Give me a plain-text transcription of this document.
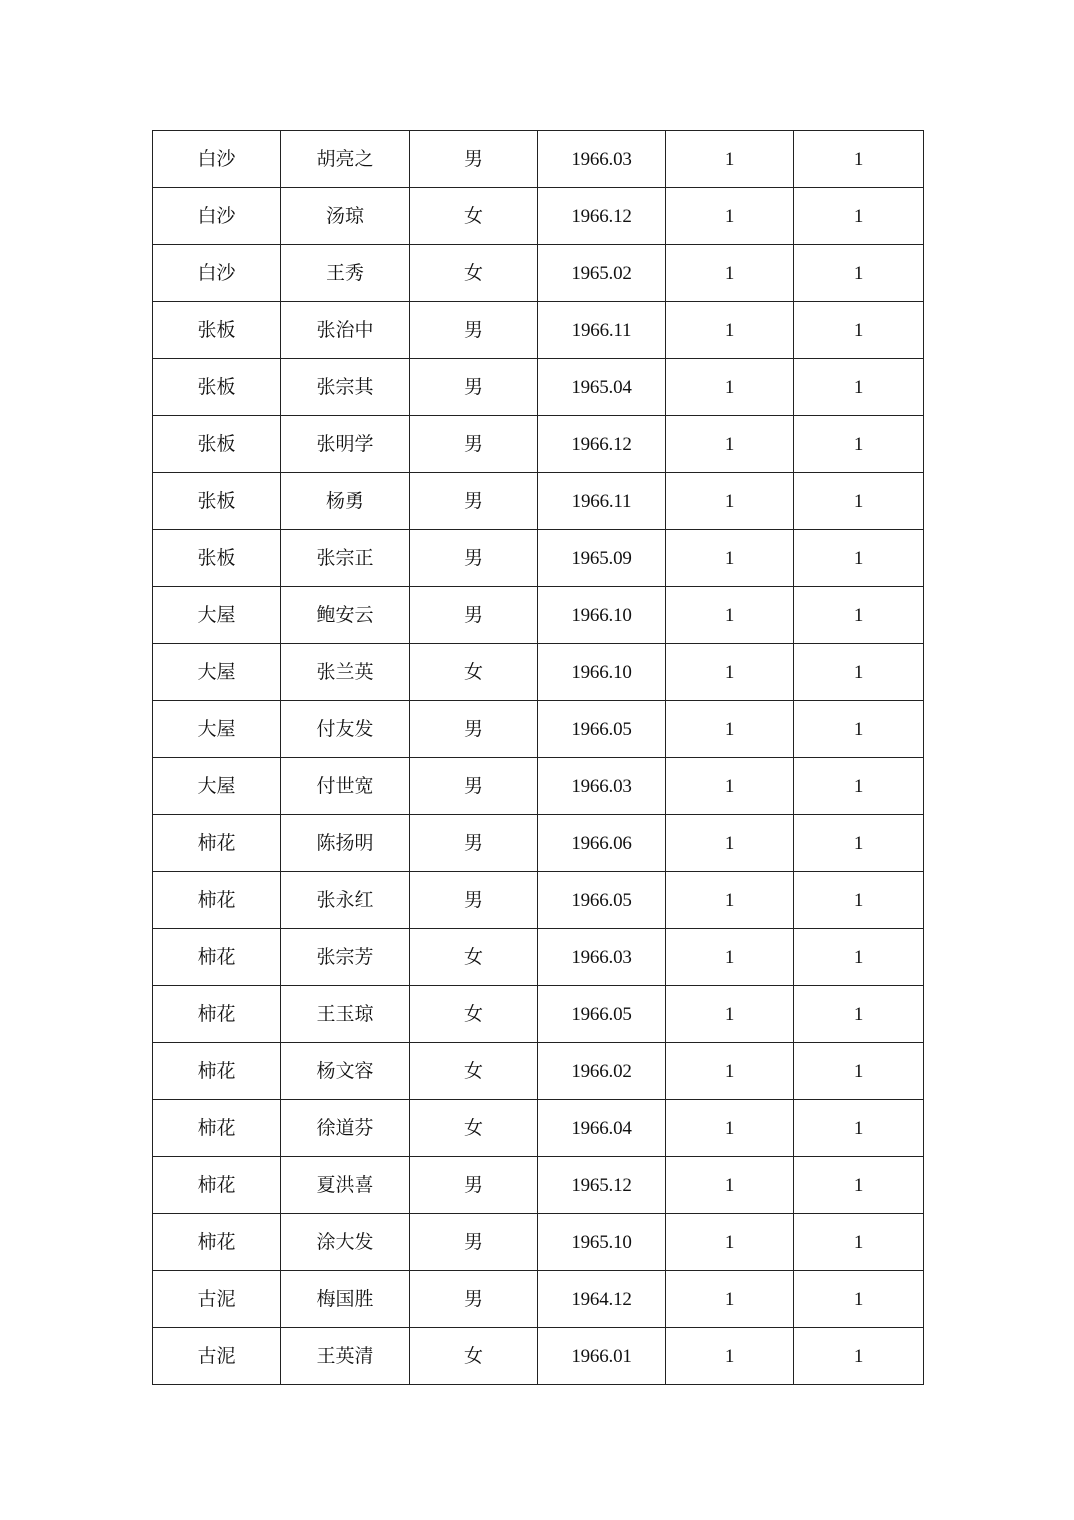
白沙	胡亮之	男	1966.03	1	1
白沙	汤琼	女	1966.12	1	1
白沙	王秀	女	1965.02	1	1
张板	张治中	男	1966.11	1	1
张板	张宗其	男	1965.04	1	1
张板	张明学	男	1966.12	1	1
张板	杨勇	男	1966.11	1	1
张板	张宗正	男	1965.09	1	1
大屋	鲍安云	男	1966.10	1	1
大屋	张兰英	女	1966.10	1	1
大屋	付友发	男	1966.05	1	1
大屋	付世宽	男	1966.03	1	1
柿花	陈扬明	男	1966.06	1	1
柿花	张永红	男	1966.05	1	1
柿花	张宗芳	女	1966.03	1	1
柿花	王玉琼	女	1966.05	1	1
柿花	杨文容	女	1966.02	1	1
柿花	徐道芬	女	1966.04	1	1
柿花	夏洪喜	男	1965.12	1	1
柿花	涂大发	男	1965.10	1	1
古泥	梅国胜	男	1964.12	1	1
古泥	王英清	女	1966.01	1	1
